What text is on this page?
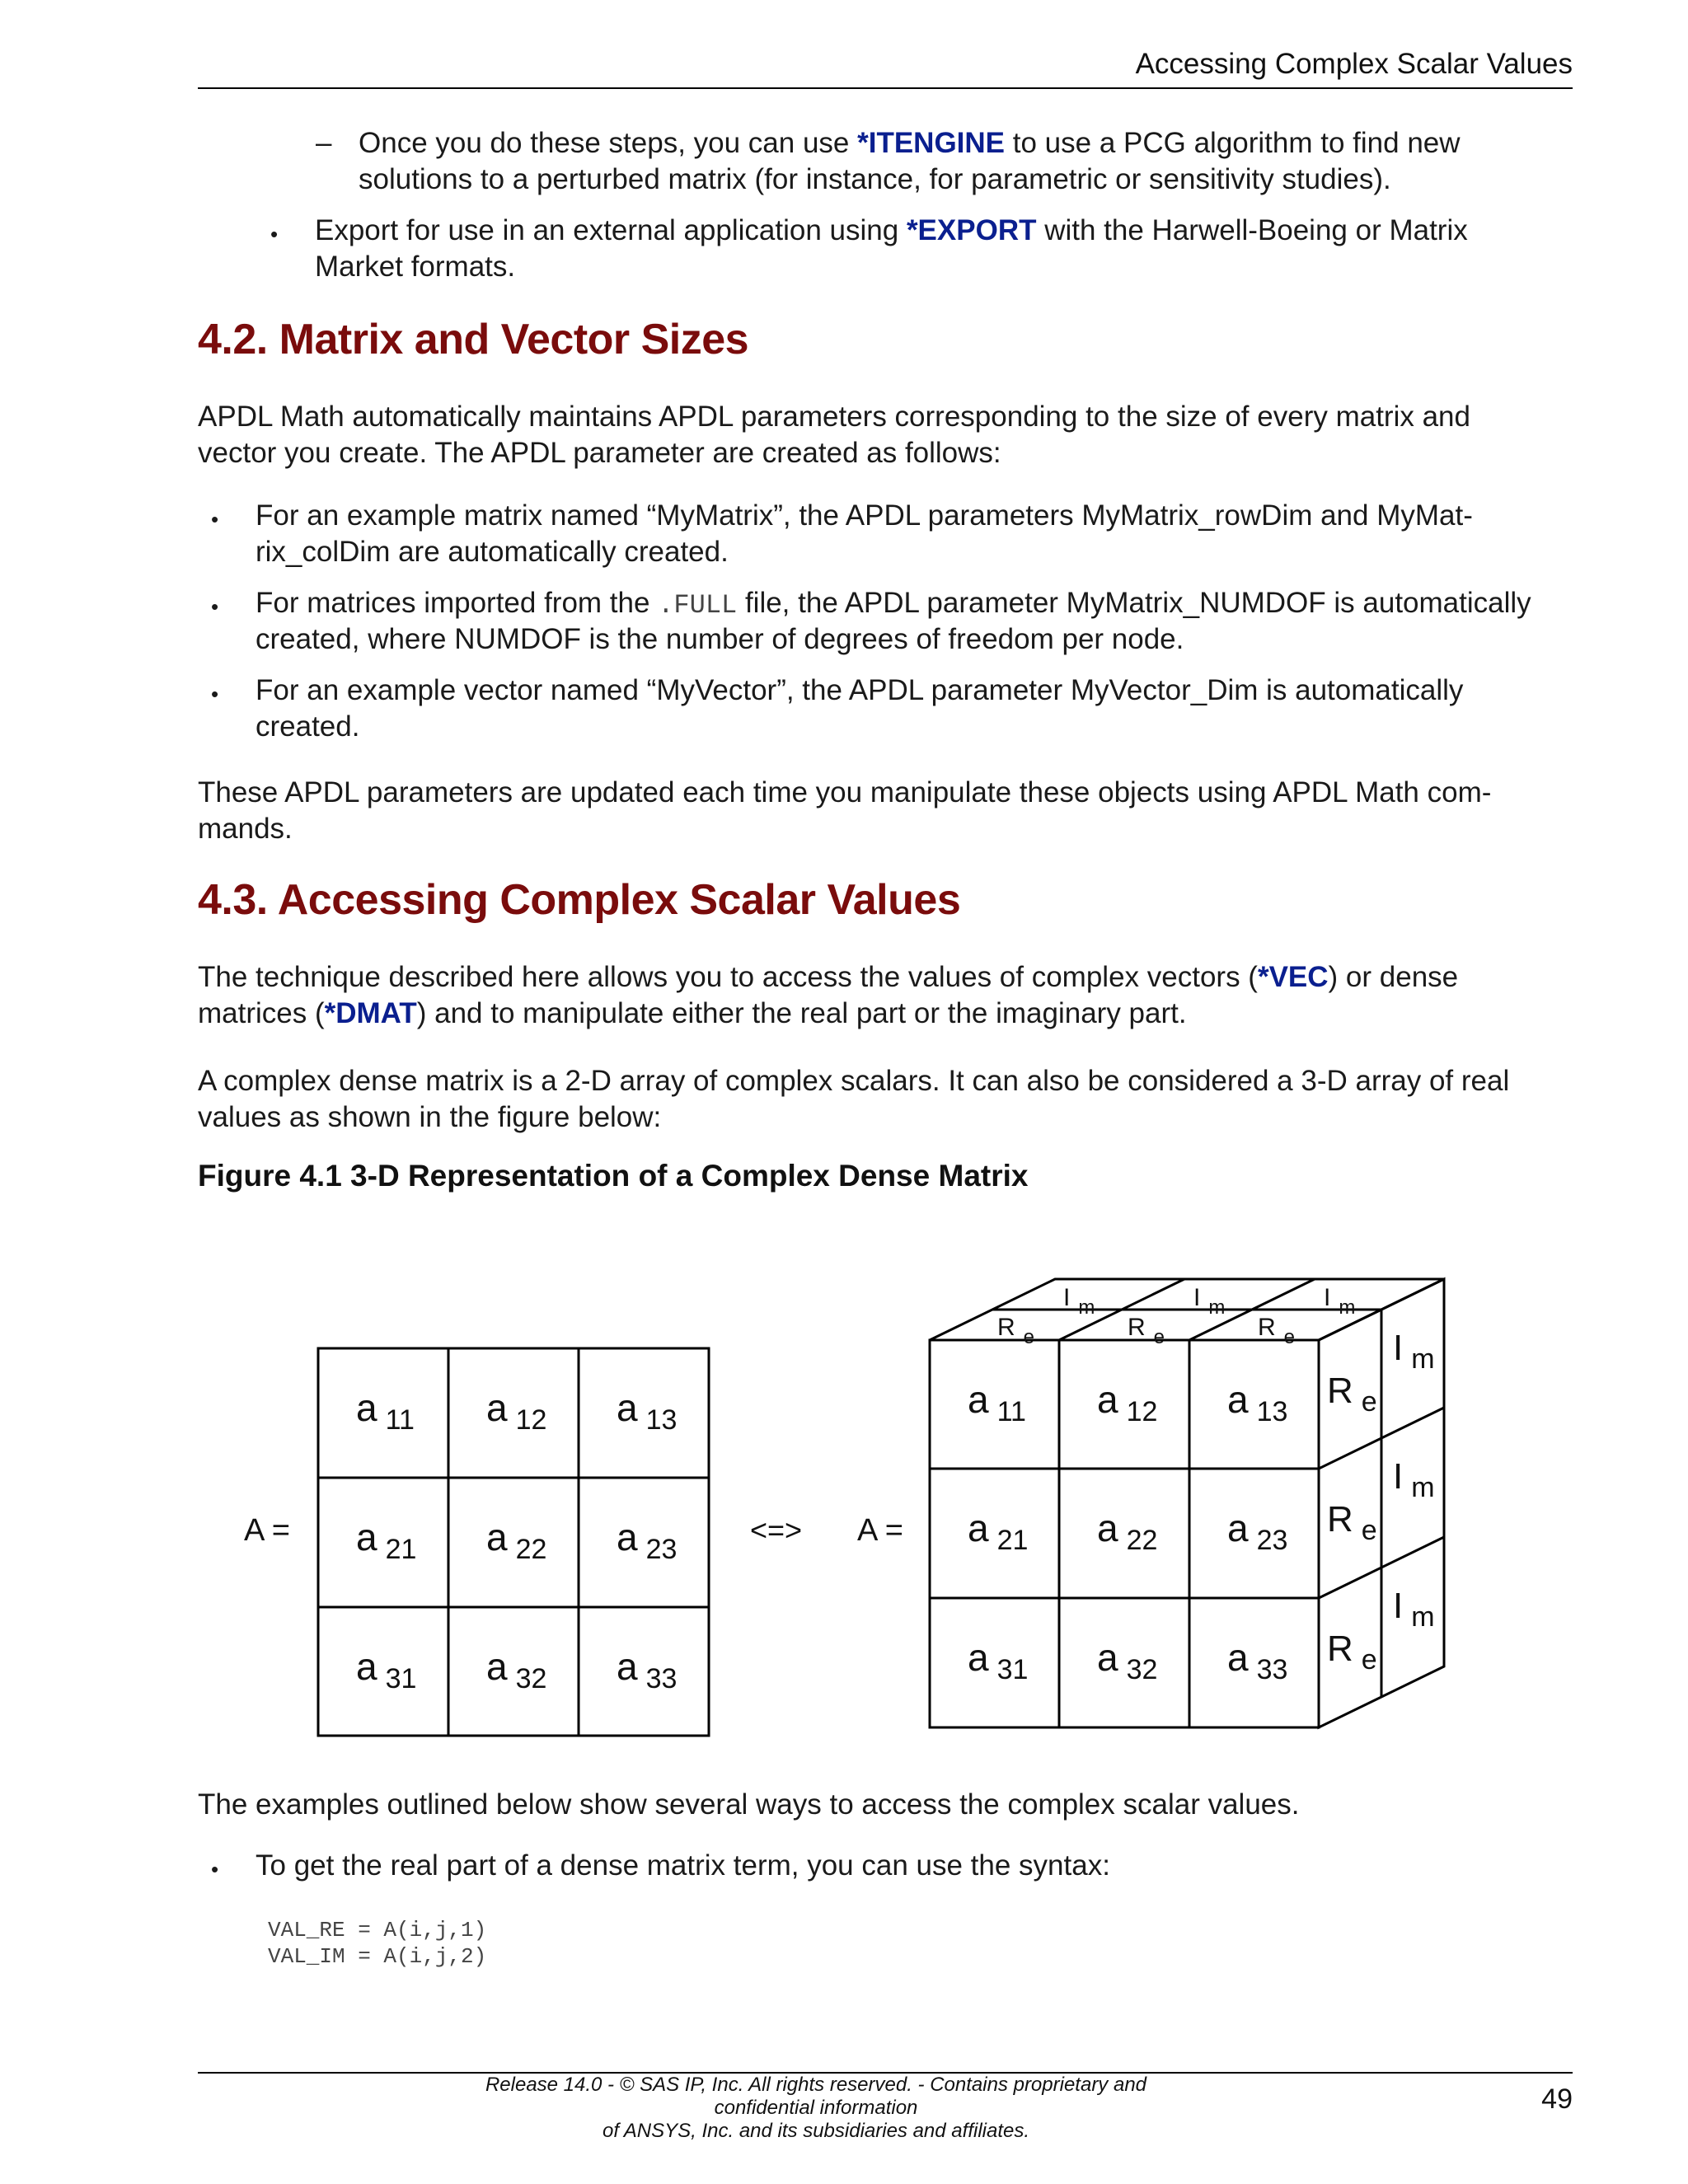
Accessing Complex Scalar Values
– Once you do these steps, you can use *ITENGINE to use a PCG algorithm to find new
solutions to a perturbed matrix (for instance, for parametric or sensitivity studies).
• Export for use in an external application using *EXPORT with the Harwell-Boeing or Matrix
Market formats.
4.2. Matrix and Vector Sizes
APDL Math automatically maintains APDL parameters corresponding to the size of every matrix and
vector you create. The APDL parameter are created as follows:
• For an example matrix named “MyMatrix”, the APDL parameters MyMatrix_rowDim and MyMat-
rix_colDim are automatically created.
• For matrices imported from the .FULL file, the APDL parameter MyMatrix_NUMDOF is automatically
created, where NUMDOF is the number of degrees of freedom per node.
• For an example vector named “MyVector”, the APDL parameter MyVector_Dim is automatically
created.
These APDL parameters are updated each time you manipulate these objects using APDL Math com-
mands.
4.3. Accessing Complex Scalar Values
The technique described here allows you to access the values of complex vectors (*VEC) or dense
matrices (*DMAT) and to manipulate either the real part or the imaginary part.
A complex dense matrix is a 2-D array of complex scalars. It can also be considered a 3-D array of real
values as shown in the figure below:
Figure 4.1 3-D Representation of a Complex Dense Matrix
A =	<=> A =
a $_{11}$ a $_{12}$ a $_{13}$
a $_{21}$ a $_{22}$ a $_{23}$
a $_{31}$ a $_{32}$ a $_{33}$
a $_{11}$ a $_{12}$ a $_{13}$
a $_{21}$ a $_{22}$ a $_{23}$
a $_{31}$ a $_{32}$ a $_{33}$
R $_e$	R $_e$	R $_e$
I $_m$	I $_m$	I $_m$
R $_e$
R $_e$
R $_e$
I $_m$
I $_m$
I $_m$
The examples outlined below show several ways to access the complex scalar values.
• To get the real part of a dense matrix term, you can use the syntax:
VAL_RE = A(i,j,1)
VAL_IM = A(i,j,2)
Release 14.0 - © SAS IP, Inc. All rights reserved. - Contains proprietary and confidential information
of ANSYS, Inc. and its subsidiaries and affiliates.
49
